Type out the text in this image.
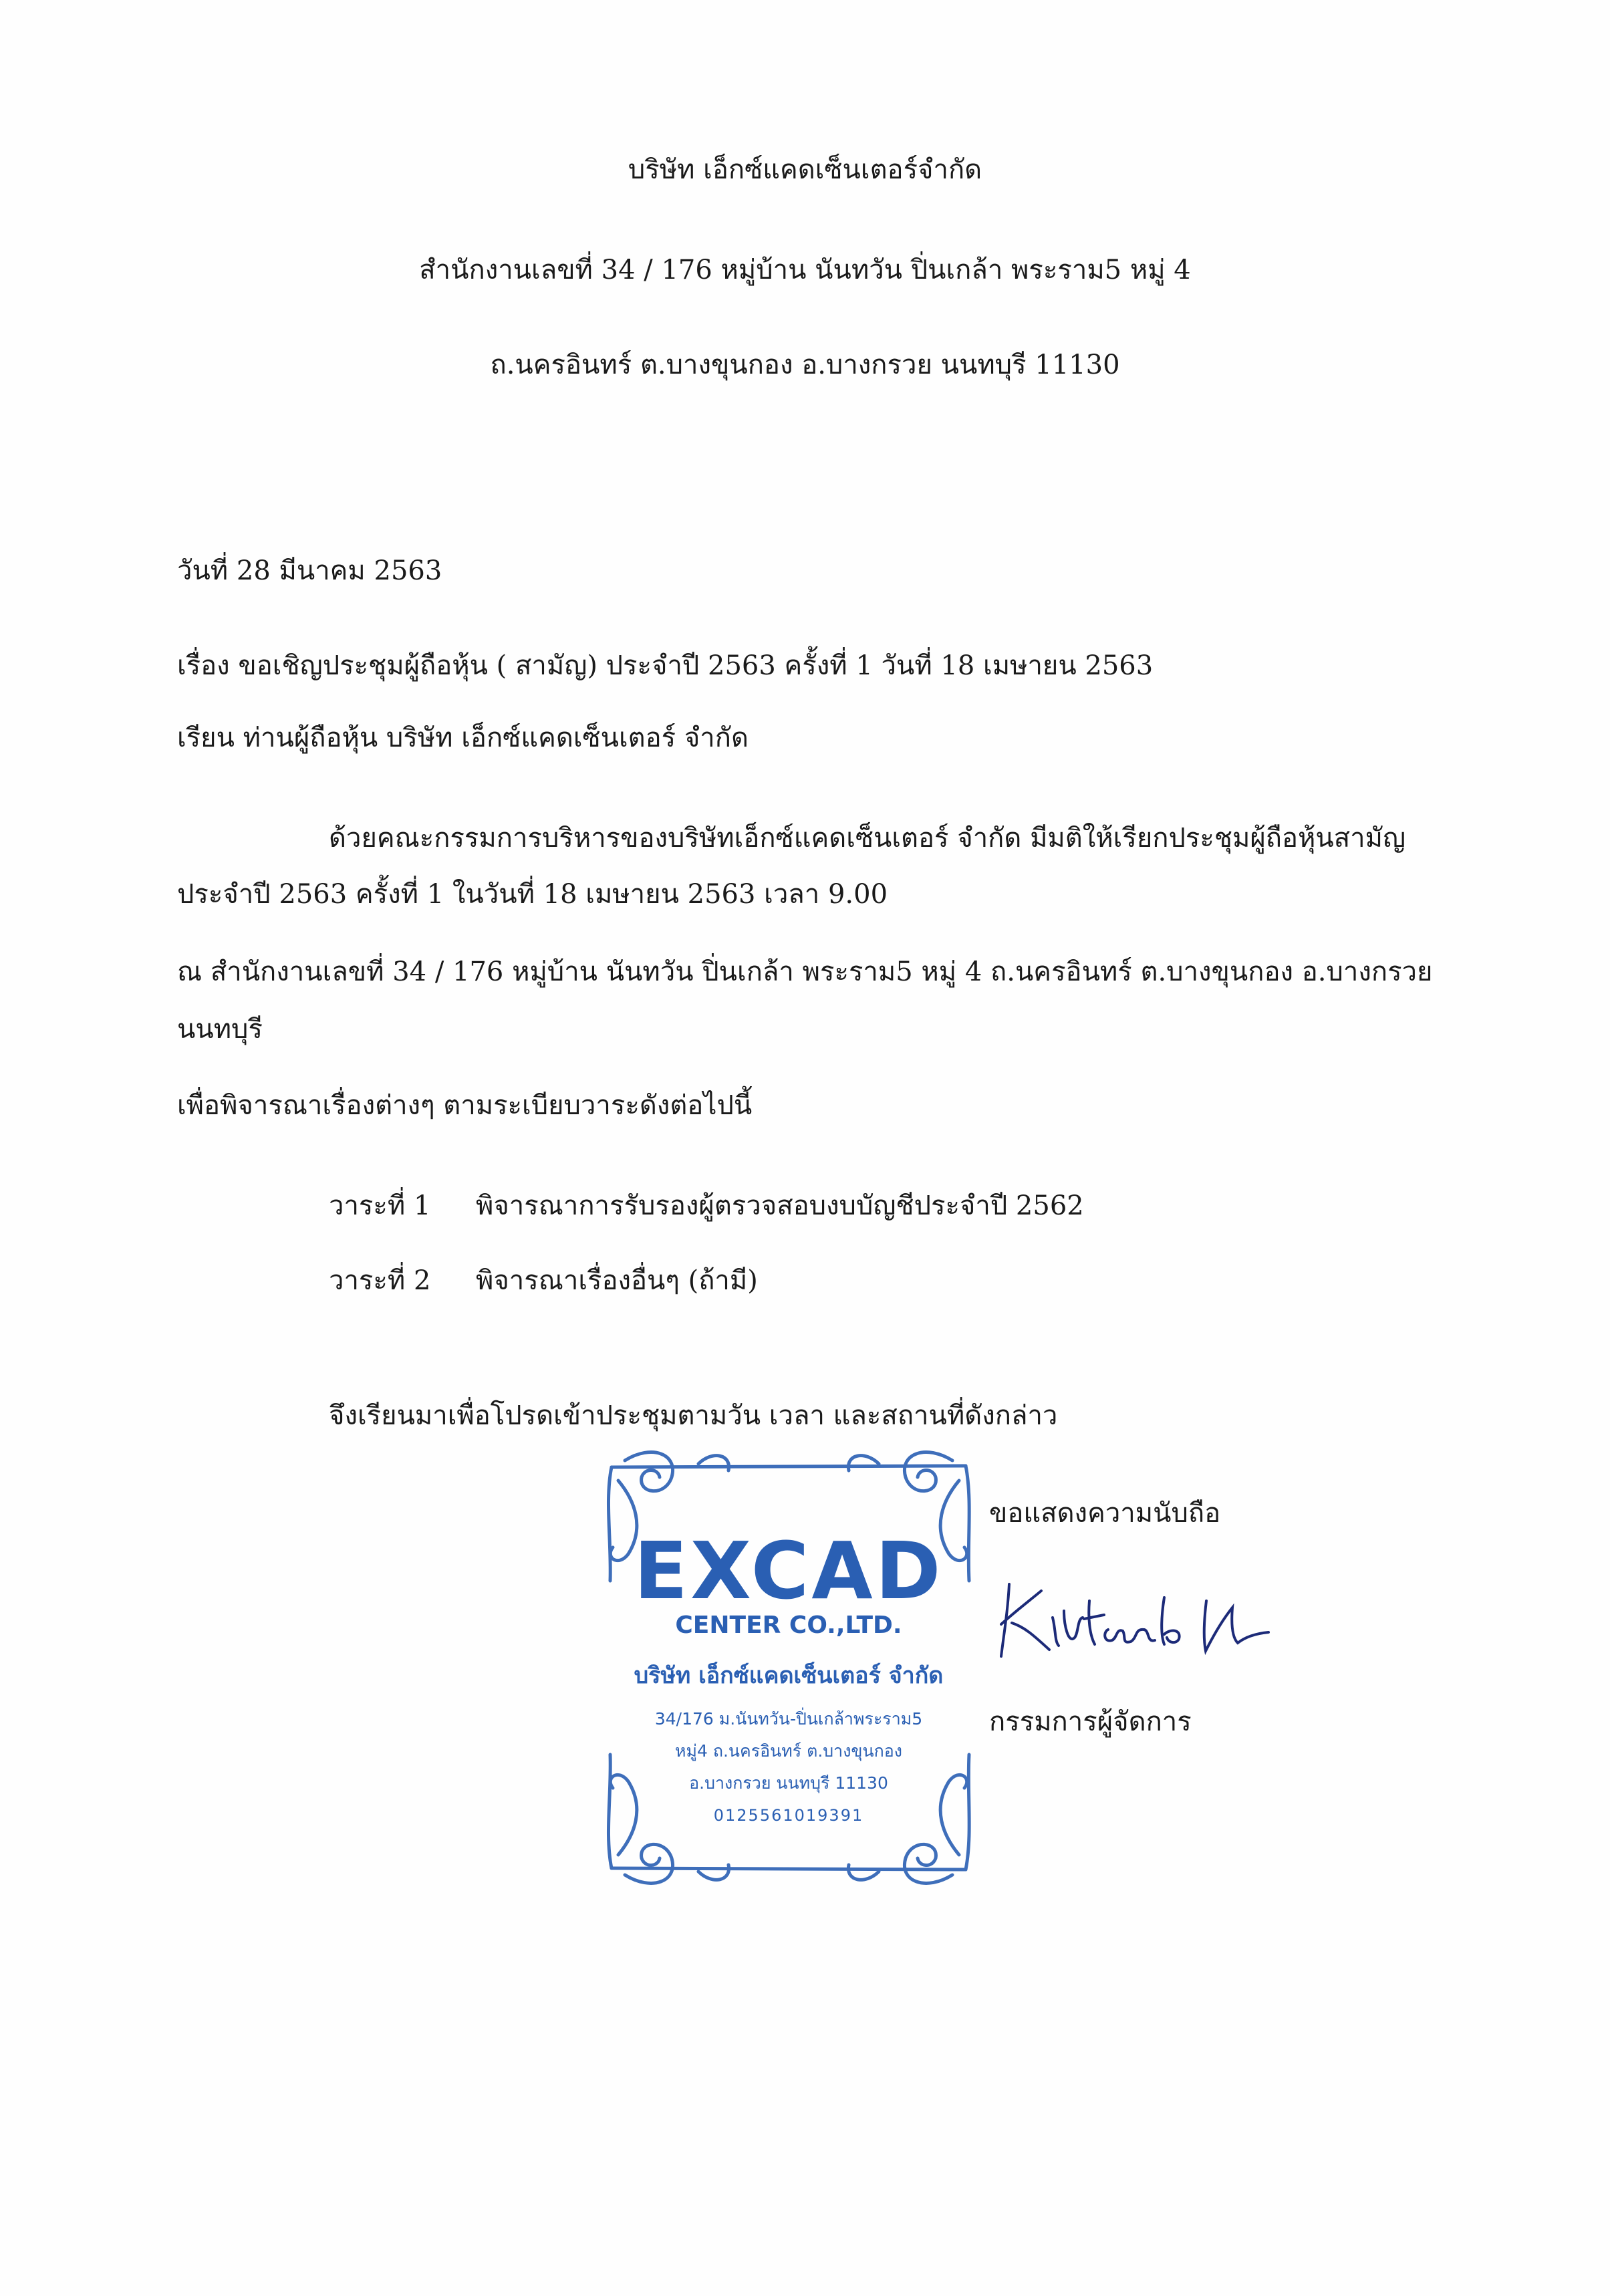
บริษัท เอ็กซ์แคดเซ็นเตอร์จำกัด
สำนักงานเลขที่ 34 / 176 หมู่บ้าน นันทวัน ปิ่นเกล้า พระราม5 หมู่ 4
ถ.นครอินทร์ ต.บางขุนกอง อ.บางกรวย นนทบุรี 11130
วันที่ 28 มีนาคม 2563
เรื่อง ขอเชิญประชุมผู้ถือหุ้น ( สามัญ) ประจำปี 2563 ครั้งที่ 1 วันที่ 18 เมษายน 2563
เรียน ท่านผู้ถือหุ้น บริษัท เอ็กซ์แคดเซ็นเตอร์ จำกัด
ด้วยคณะกรรมการบริหารของบริษัทเอ็กซ์แคดเซ็นเตอร์ จำกัด มีมติให้เรียกประชุมผู้ถือหุ้นสามัญ
ประจำปี 2563 ครั้งที่ 1 ในวันที่ 18 เมษายน 2563 เวลา 9.00
ณ สำนักงานเลขที่ 34 / 176 หมู่บ้าน นันทวัน ปิ่นเกล้า พระราม5 หมู่ 4 ถ.นครอินทร์ ต.บางขุนกอง อ.บางกรวย
นนทบุรี
เพื่อพิจารณาเรื่องต่างๆ ตามระเบียบวาระดังต่อไปนี้
วาระที่ 1 พิจารณาการรับรองผู้ตรวจสอบงบบัญชีประจำปี 2562
วาระที่ 2 พิจารณาเรื่องอื่นๆ (ถ้ามี)
จึงเรียนมาเพื่อโปรดเข้าประชุมตามวัน เวลา และสถานที่ดังกล่าว
ขอแสดงความนับถือ
กรรมการผู้จัดการ
EXCAD
CENTER CO.,LTD.
บริษัท เอ็กซ์แคดเซ็นเตอร์ จำกัด
34/176 ม.นันทวัน-ปิ่นเกล้าพระราม5
หมู่4 ถ.นครอินทร์ ต.บางขุนกอง
อ.บางกรวย นนทบุรี 11130
0125561019391
